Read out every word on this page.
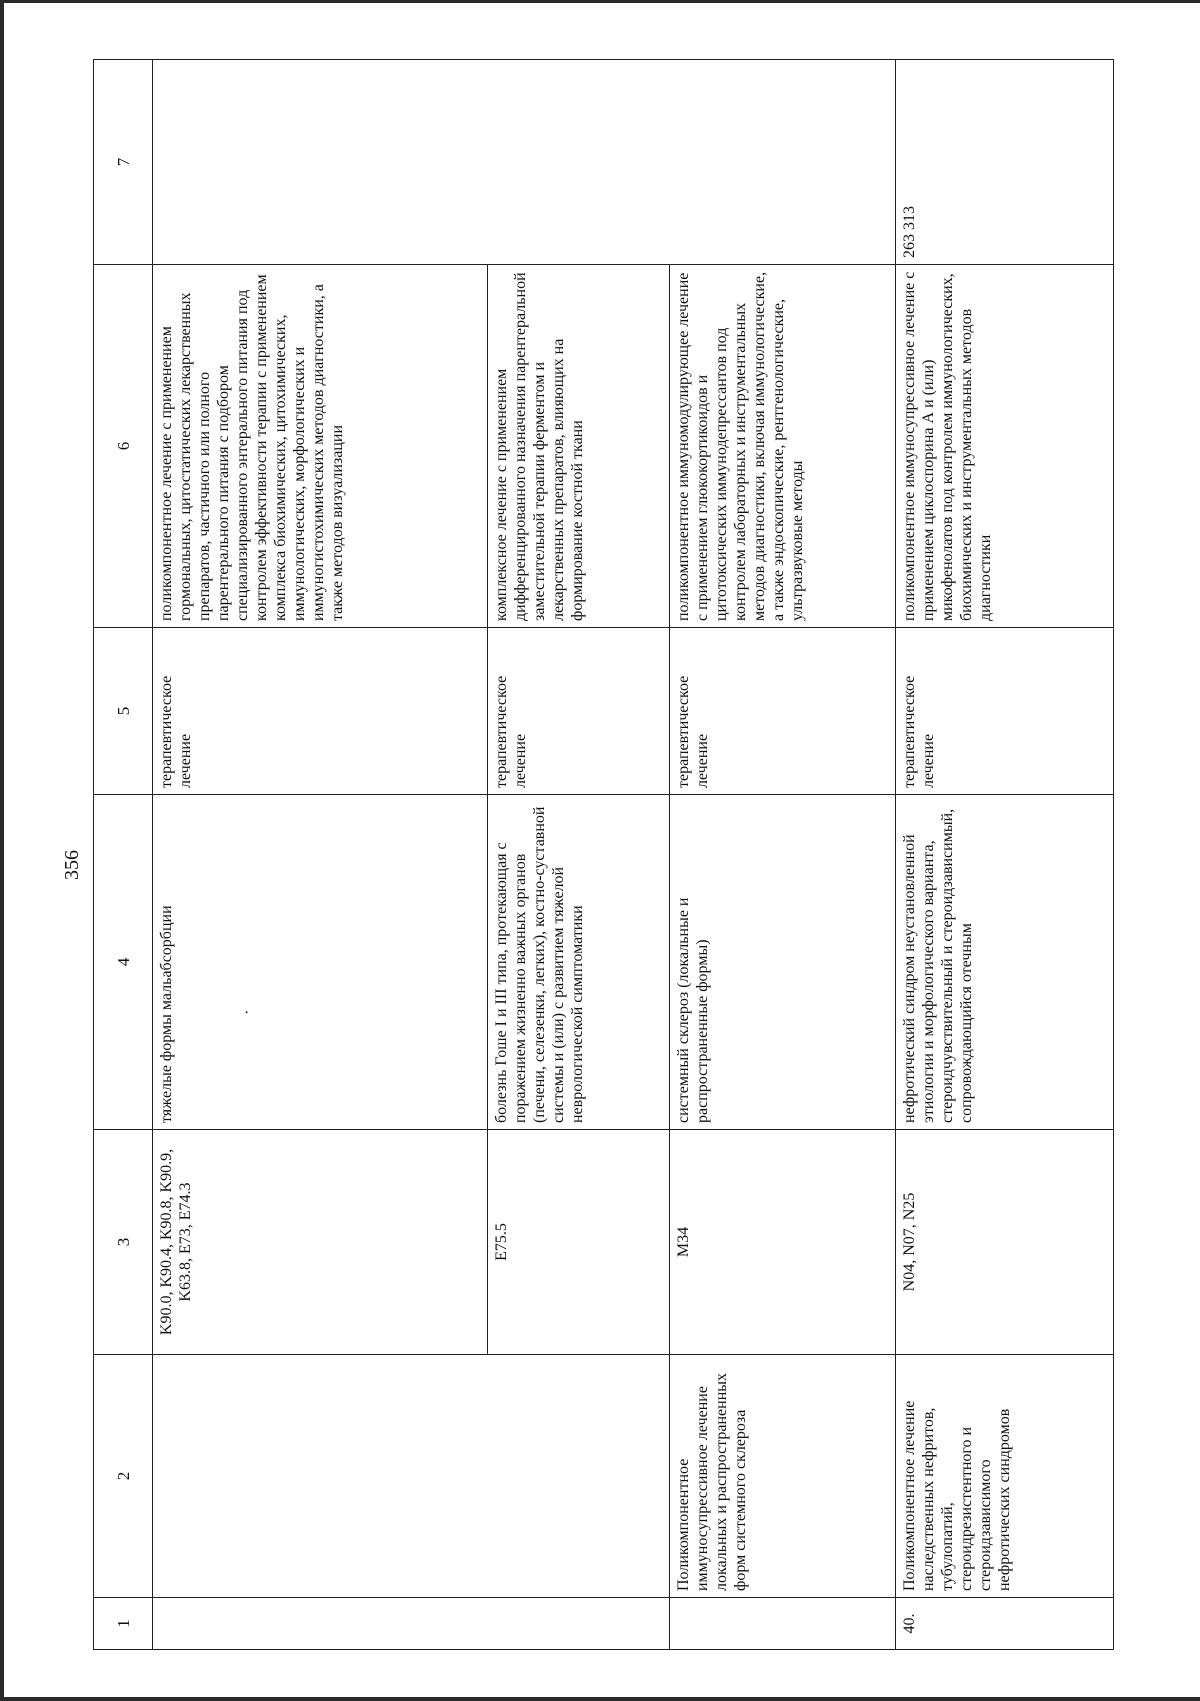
356
1	2	3	4	5	6	7
		K90.0, K90.4, K90.8, K90.9, K63.8, E73, E74.3	тяжелые формы мальабсорбции ·	терапевтическое лечение	поликомпонентное лечение с применением гормональных, цитостатических лекарственных препаратов, частичного или полного парентерального питания с подбором специализированного энтерального питания под контролем эффективности терапии с применением комплекса биохимических, цитохимических, иммунологических, морфологических и иммуногистохимических методов диагностики, а также методов визуализации	
		E75.5	болезнь Гоше I и III типа, протекающая с поражением жизненно важных органов (печени, селезенки, легких), костно-суставной системы и (или) с развитием тяжелой неврологической симптоматики	терапевтическое лечение	комплексное лечение с применением дифференцированного назначения парентеральной заместительной терапии ферментом и лекарственных препаратов, влияющих на формирование костной ткани	
	Поликомпонентное иммуносупрессивное лечение локальных и распространенных форм системного склероза	M34	системный склероз (локальные и распространенные формы)	терапевтическое лечение	поликомпонентное иммуномодулирующее лечение с применением глюкокортикоидов и цитотоксических иммунодепрессантов под контролем лабораторных и инструментальных методов диагностики, включая иммунологические, а также эндоскопические, рентгенологические, ультразвуковые методы	
40.	Поликомпонентное лечение наследственных нефритов, тубулопатий, стероидрезистентного и стероидзависимого нефротических синдромов	N04, N07, N25	нефротический синдром неустановленной этиологии и морфологического варианта, стероидчувствительный и стероидзависимый, сопровождающийся отечным	терапевтическое лечение	поликомпонентное иммуносупрессивное лечение с применением циклоспорина А и (или) микофенолатов под контролем иммунологических, биохимических и инструментальных методов диагностики	263 313
